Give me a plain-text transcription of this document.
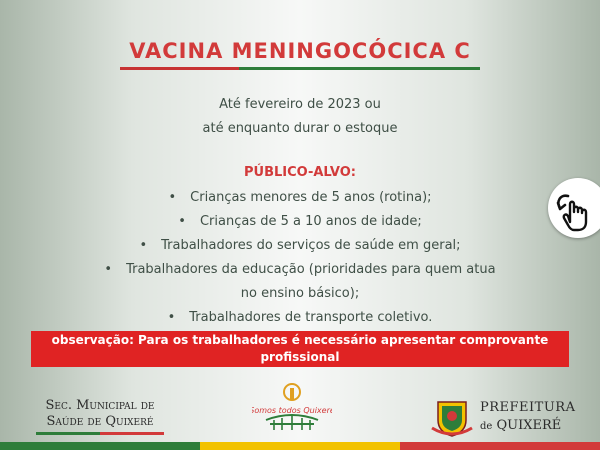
VACINA MENINGOCÓCICA C
Até fevereiro de 2023 ou
até enquanto durar o estoque
PÚBLICO-ALVO:
• Crianças menores de 5 anos (rotina);
• Crianças de 5 a 10 anos de idade;
• Trabalhadores do serviços de saúde em geral;
• Trabalhadores da educação (prioridades para quem atua
no ensino básico);
• Trabalhadores de transporte coletivo.
observação: Para os trabalhadores é necessário apresentar comprovante profissional
Sec. Municipal de
Saúde de Quixeré
Somos todos Quixeré	PREFEITURA
de QUIXERÉ
